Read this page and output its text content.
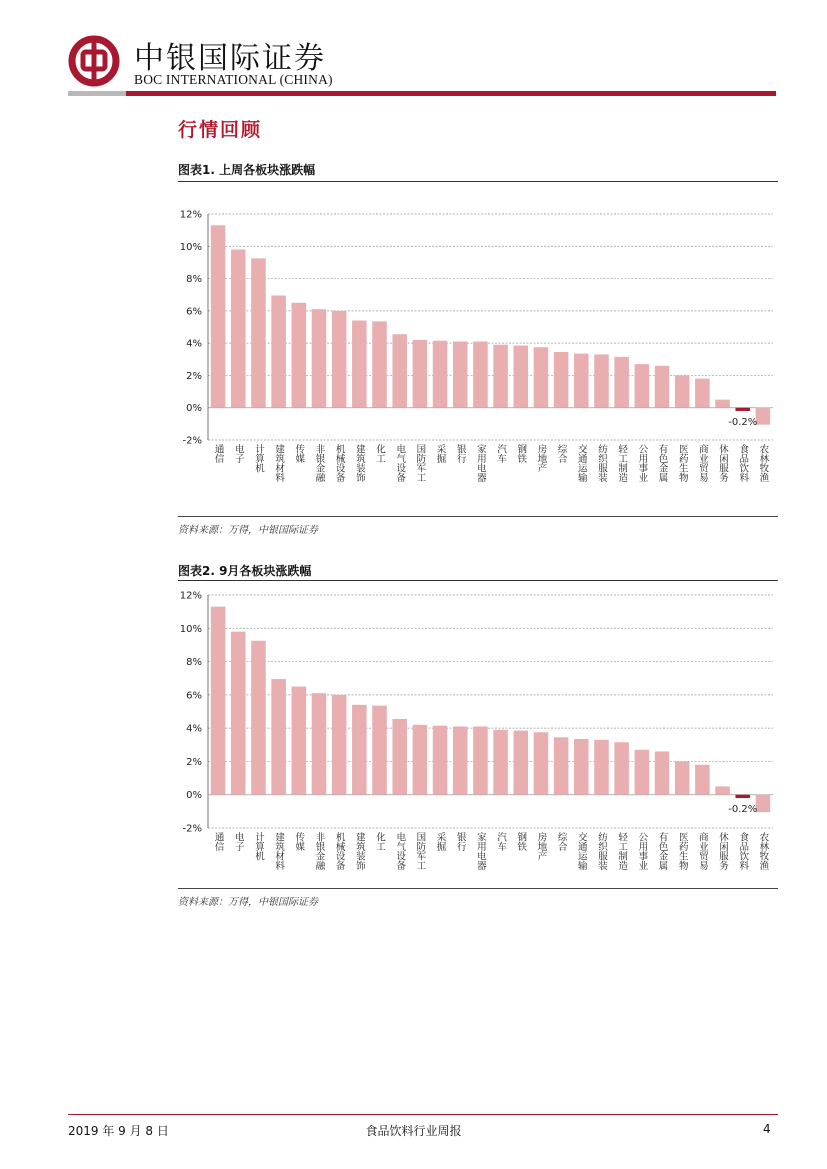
中银国际证券
BOC INTERNATIONAL (CHINA)
行情回顾
图表1. 上周各板块涨跌幅
-2%
0%
2%
4%
6%
8%
10%
12%
通信 电子 计算机 建筑材料 传媒 非银金融 机械设备 建筑装饰 化工 电气设备 国防军工 采掘 银行 家用电器 汽车 钢铁 房地产 综合 交通运输 纺织服装 轻工制造 公用事业 有色金属 医药生物 商业贸易 休闲服务 食品饮料 农林牧渔
-0.2%
资料来源：万得，中银国际证券
图表2. 9月各板块涨跌幅
-2%
0%
2%
4%
6%
8%
10%
12%
通信 电子 计算机 建筑材料 传媒 非银金融 机械设备 建筑装饰 化工 电气设备 国防军工 采掘 银行 家用电器 汽车 钢铁 房地产 综合 交通运输 纺织服装 轻工制造 公用事业 有色金属 医药生物 商业贸易 休闲服务 食品饮料 农林牧渔
-0.2%
资料来源：万得，中银国际证券
2019 年 9 月 8 日	食品饮料行业周报	4
